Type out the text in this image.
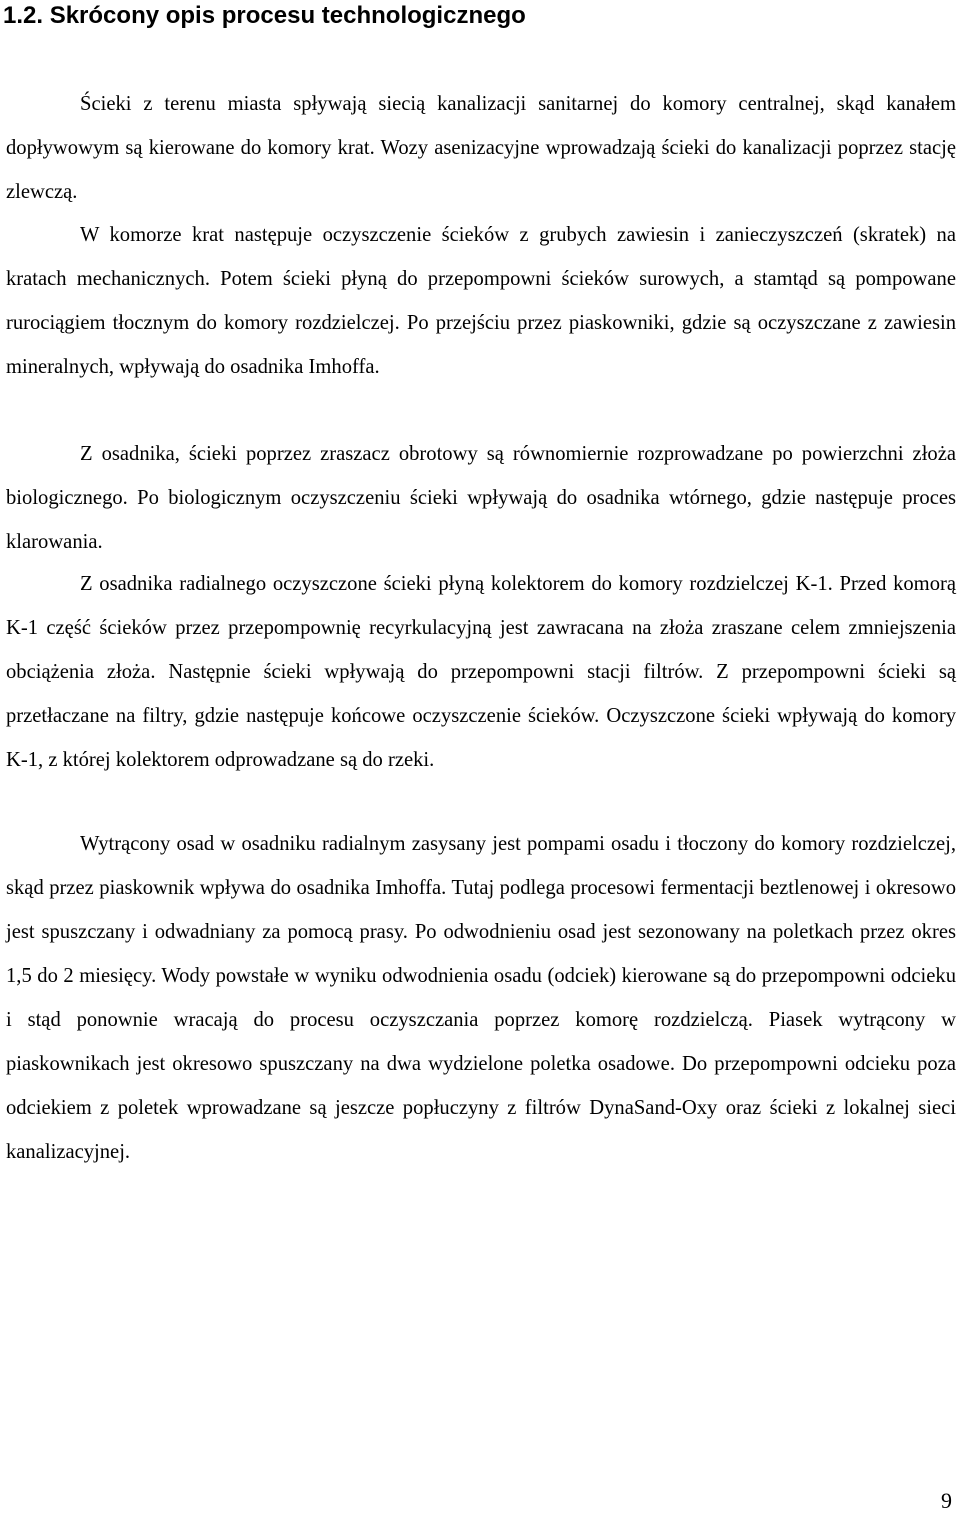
1.2. Skrócony opis procesu technologicznego

Ścieki z terenu miasta spływają siecią kanalizacji sanitarnej do komory centralnej, skąd kanałem dopływowym są kierowane do komory krat. Wozy asenizacyjne wprowadzają ścieki do kanalizacji poprzez stację zlewczą.

W komorze krat następuje oczyszczenie ścieków z grubych zawiesin i zanieczyszczeń (skratek) na kratach mechanicznych. Potem ścieki płyną do przepompowni ścieków surowych, a stamtąd są pompowane rurociągiem tłocznym do komory rozdzielczej. Po przejściu przez piaskowniki, gdzie są oczyszczane z zawiesin mineralnych, wpływają do osadnika Imhoffa.

Z osadnika, ścieki poprzez zraszacz obrotowy są równomiernie rozprowadzane po powierzchni złoża biologicznego. Po biologicznym oczyszczeniu ścieki wpływają do osadnika wtórnego, gdzie następuje proces klarowania.

Z osadnika radialnego oczyszczone ścieki płyną kolektorem do komory rozdzielczej K-1. Przed komorą K-1 część ścieków przez przepompownię recyrkulacyjną jest zawracana na złoża zraszane celem zmniejszenia obciążenia złoża. Następnie ścieki wpływają do przepompowni stacji filtrów. Z przepompowni ścieki są przetłaczane na filtry, gdzie następuje końcowe oczyszczenie ścieków. Oczyszczone ścieki wpływają do komory K-1, z której kolektorem odprowadzane są do rzeki.

Wytrącony osad w osadniku radialnym zasysany jest pompami osadu i tłoczony do komory rozdzielczej, skąd przez piaskownik wpływa do osadnika Imhoffa. Tutaj podlega procesowi fermentacji beztlenowej i okresowo jest spuszczany i odwadniany za pomocą prasy. Po odwodnieniu osad jest sezonowany na poletkach przez okres 1,5 do 2 miesięcy. Wody powstałe w wyniku odwodnienia osadu (odciek) kierowane są do przepompowni odcieku i stąd ponownie wracają do procesu oczyszczania poprzez komorę rozdzielczą. Piasek wytrącony w piaskownikach jest okresowo spuszczany na dwa wydzielone poletka osadowe. Do przepompowni odcieku poza odciekiem z poletek wprowadzane są jeszcze popłuczyny z filtrów DynaSand-Oxy oraz ścieki z lokalnej sieci kanalizacyjnej.

9
